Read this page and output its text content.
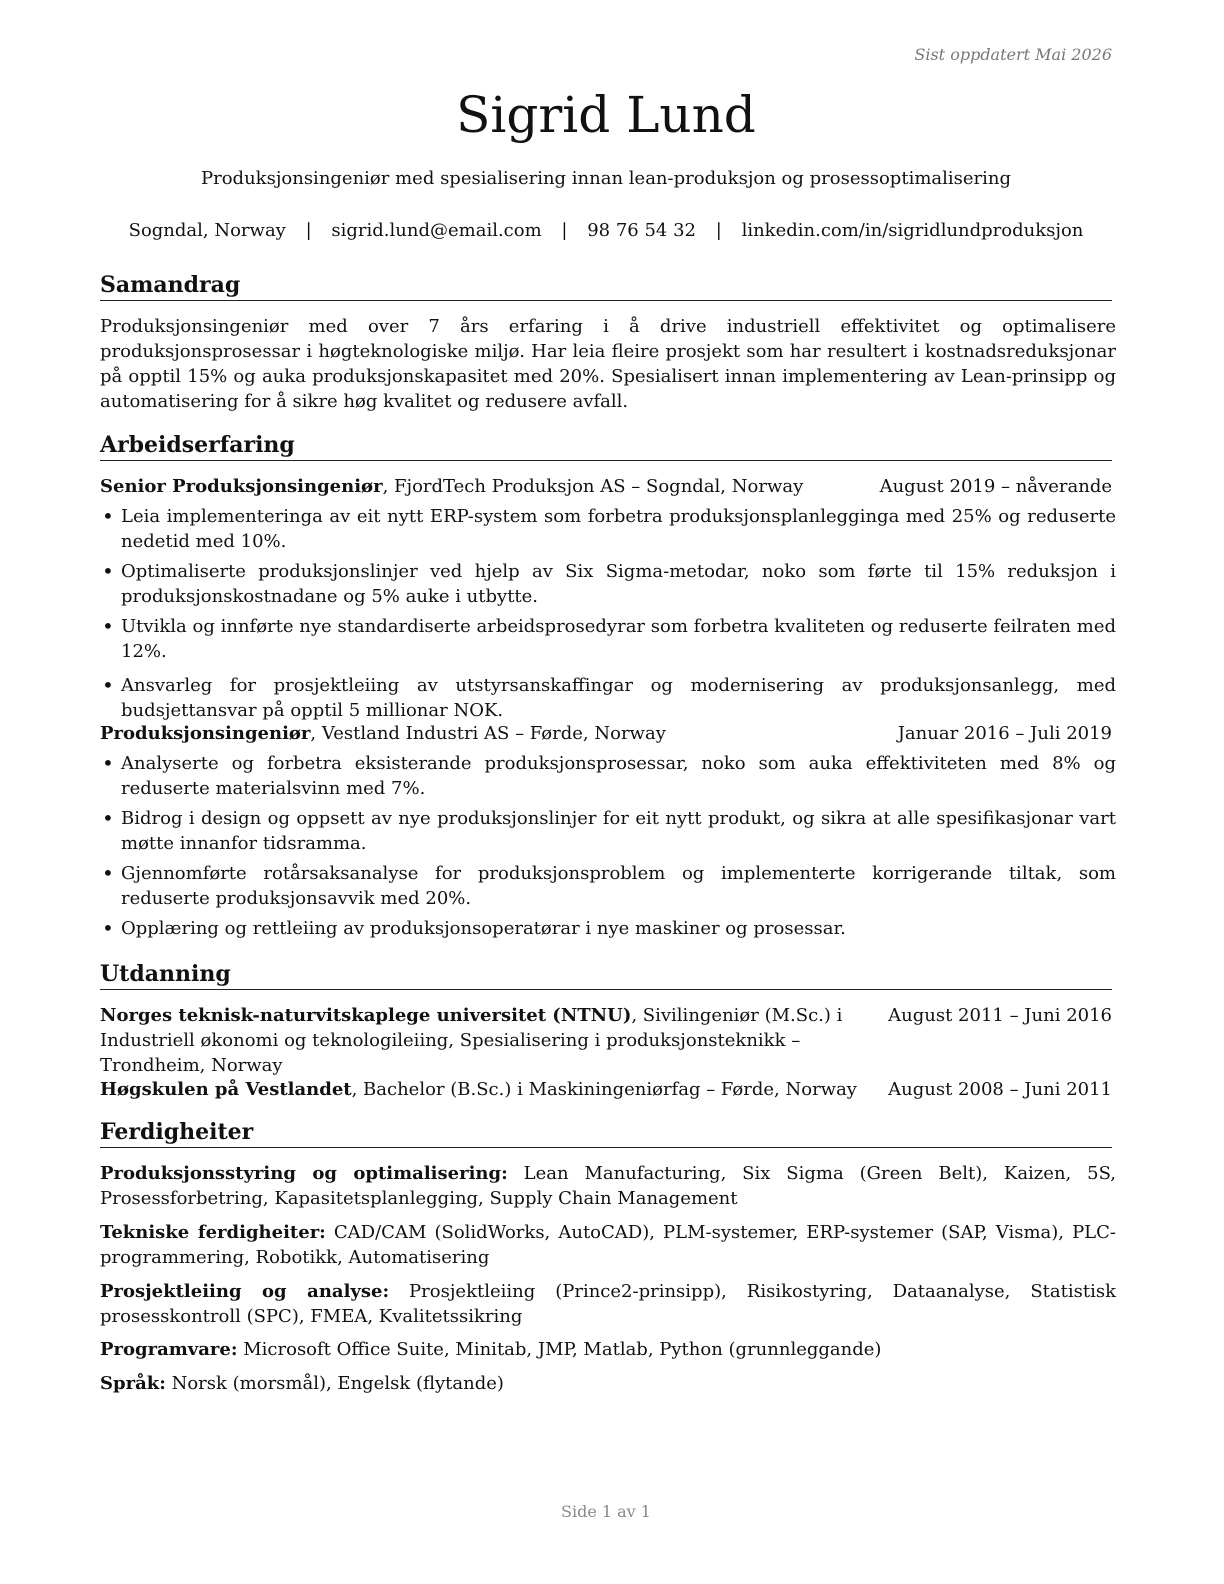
Sist oppdatert Mai 2026
Sigrid Lund
Produksjonsingeniør med spesialisering innan lean-produksjon og prosessoptimalisering
Sogndal, Norway | sigrid.lund@email.com | 98 76 54 32 | linkedin.com/in/sigridlundproduksjon
Samandrag
Produksjonsingeniør med over 7 års erfaring i å drive industriell effektivitet og optimalisere produksjonsprosessar i høgteknologiske miljø. Har leia fleire prosjekt som har resultert i kostnadsreduksjonar på opptil 15% og auka produksjonskapasitet med 20%. Spesialisert innan implementering av Lean-prinsipp og automatisering for å sikre høg kvalitet og redusere avfall.
Arbeidserfaring
Senior Produksjonsingeniør, FjordTech Produksjon AS – Sogndal, Norway	August 2019 – nåverande
• Leia implementeringa av eit nytt ERP-system som forbetra produksjonsplanlegginga med 25% og reduserte nedetid med 10%.
• Optimaliserte produksjonslinjer ved hjelp av Six Sigma-metodar, noko som førte til 15% reduksjon i produksjonskostnadane og 5% auke i utbytte.
• Utvikla og innførte nye standardiserte arbeidsprosedyrar som forbetra kvaliteten og reduserte feilraten med 12%.
• Ansvarleg for prosjektleiing av utstyrsanskaffingar og modernisering av produksjonsanlegg, med budsjettansvar på opptil 5 millionar NOK.
Produksjonsingeniør, Vestland Industri AS – Førde, Norway	Januar 2016 – Juli 2019
• Analyserte og forbetra eksisterande produksjonsprosessar, noko som auka effektiviteten med 8% og reduserte materialsvinn med 7%.
• Bidrog i design og oppsett av nye produksjonslinjer for eit nytt produkt, og sikra at alle spesifikasjonar vart møtte innanfor tidsramma.
• Gjennomførte rotårsaksanalyse for produksjonsproblem og implementerte korrigerande tiltak, som reduserte produksjonsavvik med 20%.
• Opplæring og rettleiing av produksjonsoperatørar i nye maskiner og prosessar.
Utdanning
Norges teknisk-naturvitskaplege universitet (NTNU), Sivilingeniør (M.Sc.) i Industriell økonomi og teknologileiing, Spesialisering i produksjonsteknikk – Trondheim, Norway
August 2011 – Juni 2016
Høgskulen på Vestlandet, Bachelor (B.Sc.) i Maskiningeniørfag – Førde, Norway August 2008 – Juni 2011
Ferdigheiter
Produksjonsstyring og optimalisering: Lean Manufacturing, Six Sigma (Green Belt), Kaizen, 5S, Prosessforbetring, Kapasitetsplanlegging, Supply Chain Management
Tekniske ferdigheiter: CAD/CAM (SolidWorks, AutoCAD), PLM-systemer, ERP-systemer (SAP, Visma), PLC-programmering, Robotikk, Automatisering
Prosjektleiing og analyse: Prosjektleiing (Prince2-prinsipp), Risikostyring, Dataanalyse, Statistisk prosesskontroll (SPC), FMEA, Kvalitetssikring
Programvare: Microsoft Office Suite, Minitab, JMP, Matlab, Python (grunnleggande)
Språk: Norsk (morsmål), Engelsk (flytande)
Side 1 av 1
